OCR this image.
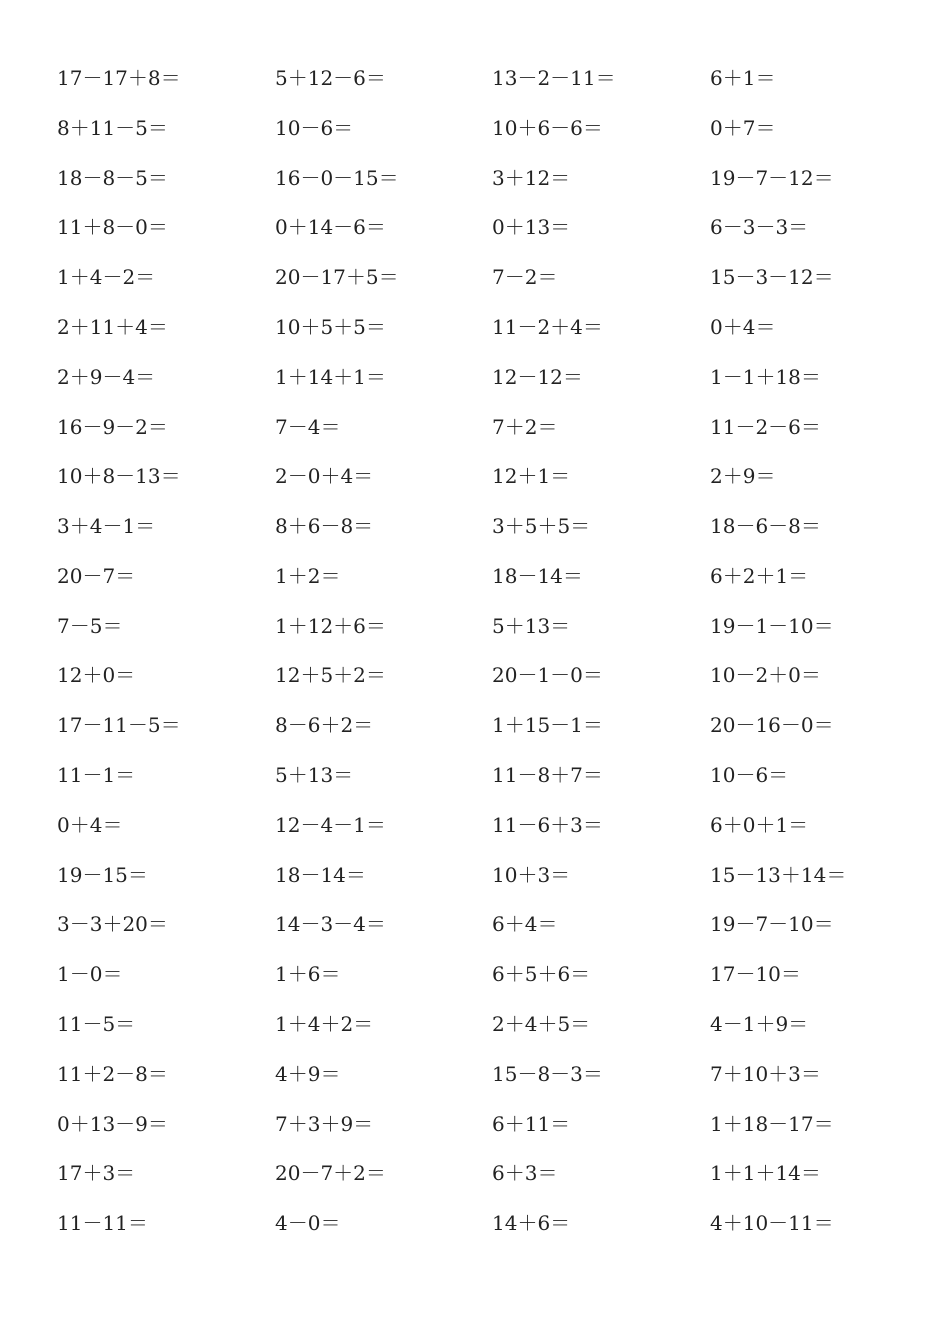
17－17＋8＝	5＋12－6＝	13－2－11＝	6＋1＝
8＋11－5＝	10－6＝	10＋6－6＝	0＋7＝
18－8－5＝	16－0－15＝	3＋12＝	19－7－12＝
11＋8－0＝	0＋14－6＝	0＋13＝	6－3－3＝
1＋4－2＝	20－17＋5＝	7－2＝	15－3－12＝
2＋11＋4＝	10＋5＋5＝	11－2＋4＝	0＋4＝
2＋9－4＝	1＋14＋1＝	12－12＝	1－1＋18＝
16－9－2＝	7－4＝	7＋2＝	11－2－6＝
10＋8－13＝	2－0＋4＝	12＋1＝	2＋9＝
3＋4－1＝	8＋6－8＝	3＋5＋5＝	18－6－8＝
20－7＝	1＋2＝	18－14＝	6＋2＋1＝
7－5＝	1＋12＋6＝	5＋13＝	19－1－10＝
12＋0＝	12＋5＋2＝	20－1－0＝	10－2＋0＝
17－11－5＝	8－6＋2＝	1＋15－1＝	20－16－0＝
11－1＝	5＋13＝	11－8＋7＝	10－6＝
0＋4＝	12－4－1＝	11－6＋3＝	6＋0＋1＝
19－15＝	18－14＝	10＋3＝	15－13＋14＝
3－3＋20＝	14－3－4＝	6＋4＝	19－7－10＝
1－0＝	1＋6＝	6＋5＋6＝	17－10＝
11－5＝	1＋4＋2＝	2＋4＋5＝	4－1＋9＝
11＋2－8＝	4＋9＝	15－8－3＝	7＋10＋3＝
0＋13－9＝	7＋3＋9＝	6＋11＝	1＋18－17＝
17＋3＝	20－7＋2＝	6＋3＝	1＋1＋14＝
11－11＝	4－0＝	14＋6＝	4＋10－11＝
